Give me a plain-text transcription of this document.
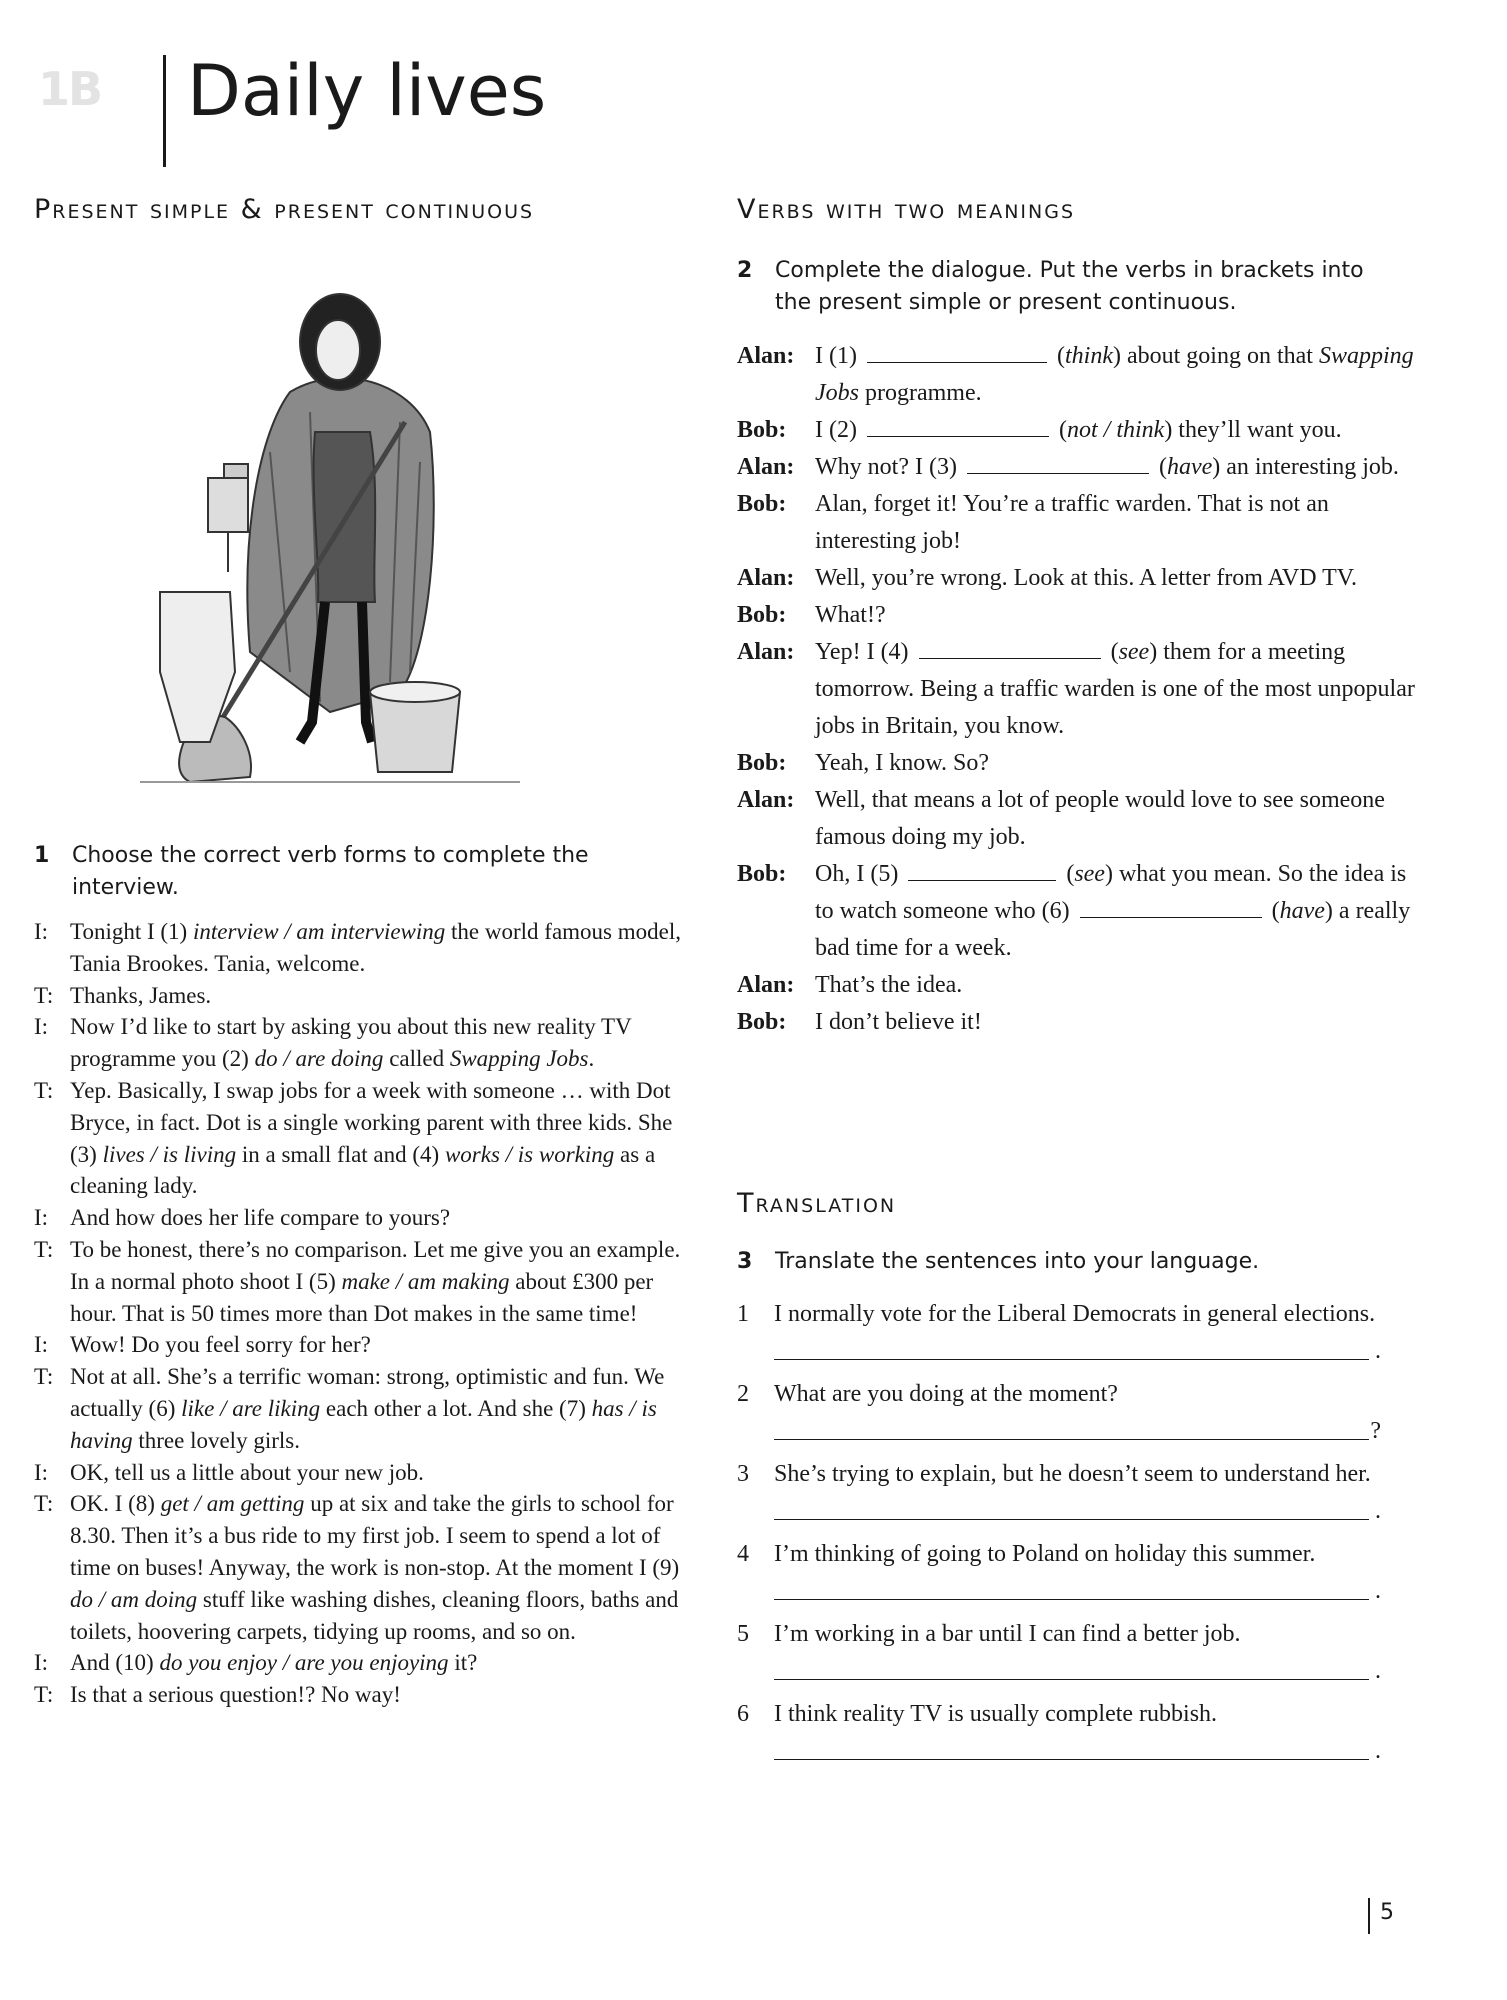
1B Daily lives
Present simple & present continuous
1 Choose the correct verb forms to complete the interview.
I: Tonight I (1) interview / am interviewing the world famous model, Tania Brookes. Tania, welcome.
T: Thanks, James.
I: Now I’d like to start by asking you about this new reality TV programme you (2) do / are doing called Swapping Jobs.
T: Yep. Basically, I swap jobs for a week with someone … with Dot Bryce, in fact. Dot is a single working parent with three kids. She (3) lives / is living in a small flat and (4) works / is working as a cleaning lady.
I: And how does her life compare to yours?
T: To be honest, there’s no comparison. Let me give you an example. In a normal photo shoot I (5) make / am making about £300 per hour. That is 50 times more than Dot makes in the same time!
I: Wow! Do you feel sorry for her?
T: Not at all. She’s a terrific woman: strong, optimistic and fun. We actually (6) like / are liking each other a lot. And she (7) has / is having three lovely girls.
I: OK, tell us a little about your new job.
T: OK. I (8) get / am getting up at six and take the girls to school for 8.30. Then it’s a bus ride to my first job. I seem to spend a lot of time on buses! Anyway, the work is non-stop. At the moment I (9) do / am doing stuff like washing dishes, cleaning floors, baths and toilets, hoovering carpets, tidying up rooms, and so on.
I: And (10) do you enjoy / are you enjoying it?
T: Is that a serious question!? No way!
Verbs with two meanings
2 Complete the dialogue. Put the verbs in brackets into the present simple or present continuous.
Alan: I (1)	(think) about going on that Swapping Jobs programme.
Bob: I (2)	(not / think) they’ll want you.
Alan: Why not? I (3)	(have) an interesting job.
Bob: Alan, forget it! You’re a traffic warden. That is not an interesting job!
Alan: Well, you’re wrong. Look at this. A letter from AVD TV.
Bob: What!?
Alan: Yep! I (4)	(see) them for a meeting tomorrow. Being a traffic warden is one of the most unpopular jobs in Britain, you know.
Bob: Yeah, I know. So?
Alan: Well, that means a lot of people would love to see someone famous doing my job.
Bob: Oh, I (5)	(see) what you mean. So the idea is to watch someone who (6)	(have) a really bad time for a week.
Alan: That’s the idea.
Bob: I don’t believe it!
Translation
3 Translate the sentences into your language.
1 I normally vote for the Liberal Democrats in general elections.
.
2 What are you doing at the moment?
?
3 She’s trying to explain, but he doesn’t seem to understand her.
.
4 I’m thinking of going to Poland on holiday this summer.
.
5 I’m working in a bar until I can find a better job.
.
6 I think reality TV is usually complete rubbish.
.
5
